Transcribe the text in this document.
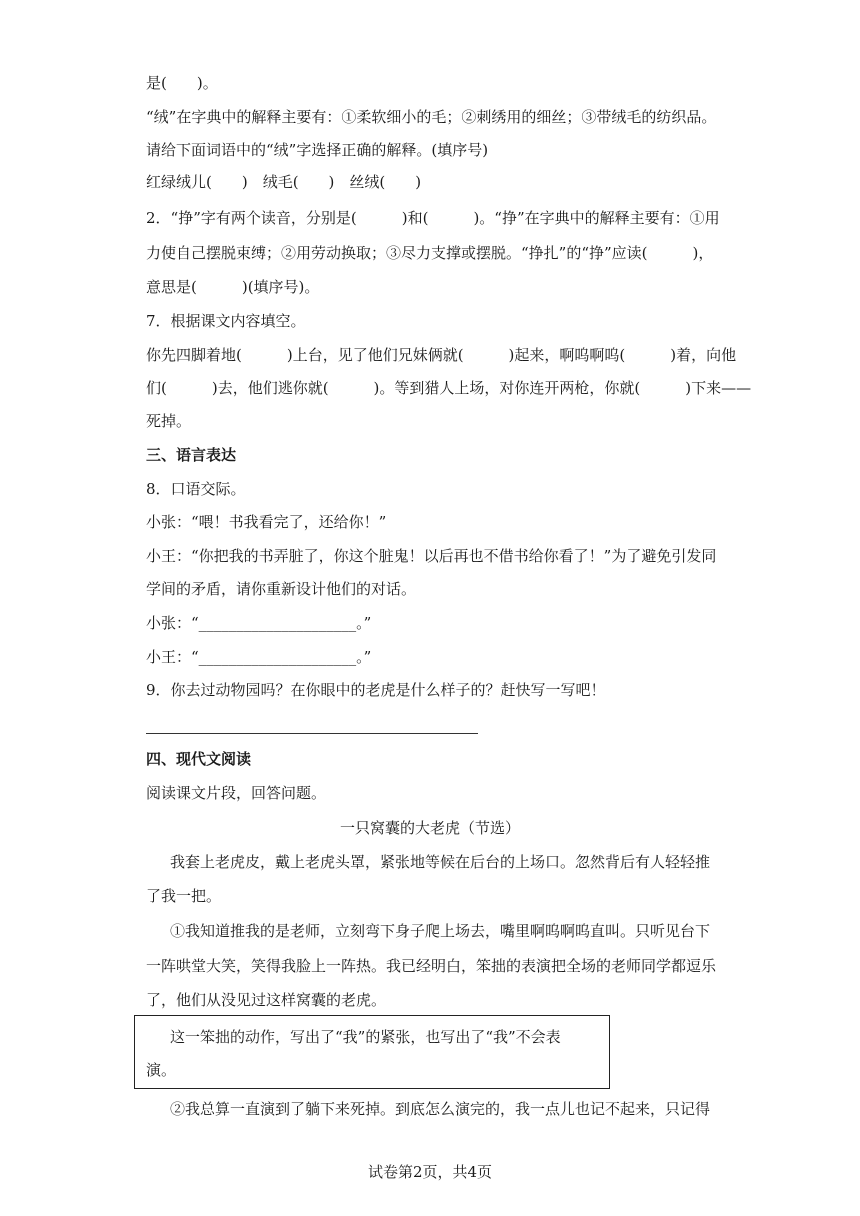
是(　　)。
“绒”在字典中的解释主要有：①柔软细小的毛；②刺绣用的细丝；③带绒毛的纺织品。
请给下面词语中的“绒”字选择正确的解释。(填序号)
红绿绒儿(　　)　绒毛(　　)　丝绒(　　)
2．“挣”字有两个读音，分别是(　　　)和(　　　)。“挣”在字典中的解释主要有：①用
力使自己摆脱束缚；②用劳动换取；③尽力支撑或摆脱。“挣扎”的“挣”应读(　　　)，
意思是(　　　)(填序号)。
7．根据课文内容填空。
你先四脚着地(　　　)上台，见了他们兄妹俩就(　　　)起来，啊呜啊呜(　　　)着，向他
们(　　　)去，他们逃你就(　　　)。等到猎人上场，对你连开两枪，你就(　　　)下来——
死掉。
三、语言表达
8．口语交际。
小张：“喂！书我看完了，还给你！”
小王：“你把我的书弄脏了，你这个脏鬼！以后再也不借书给你看了！”为了避免引发同
学间的矛盾，请你重新设计他们的对话。
小张：“_____________________。”
小王：“_____________________。”
9．你去过动物园吗？在你眼中的老虎是什么样子的？赶快写一写吧！
四、现代文阅读
阅读课文片段，回答问题。
一只窝囊的大老虎（节选）
我套上老虎皮，戴上老虎头罩，紧张地等候在后台的上场口。忽然背后有人轻轻推
了我一把。
①我知道推我的是老师，立刻弯下身子爬上场去，嘴里啊呜啊呜直叫。只听见台下
一阵哄堂大笑，笑得我脸上一阵热。我已经明白，笨拙的表演把全场的老师同学都逗乐
了，他们从没见过这样窝囊的老虎。
这一笨拙的动作，写出了“我”的紧张，也写出了“我”不会表
演。
②我总算一直演到了躺下来死掉。到底怎么演完的，我一点儿也记不起来，只记得
试卷第2页，共4页
